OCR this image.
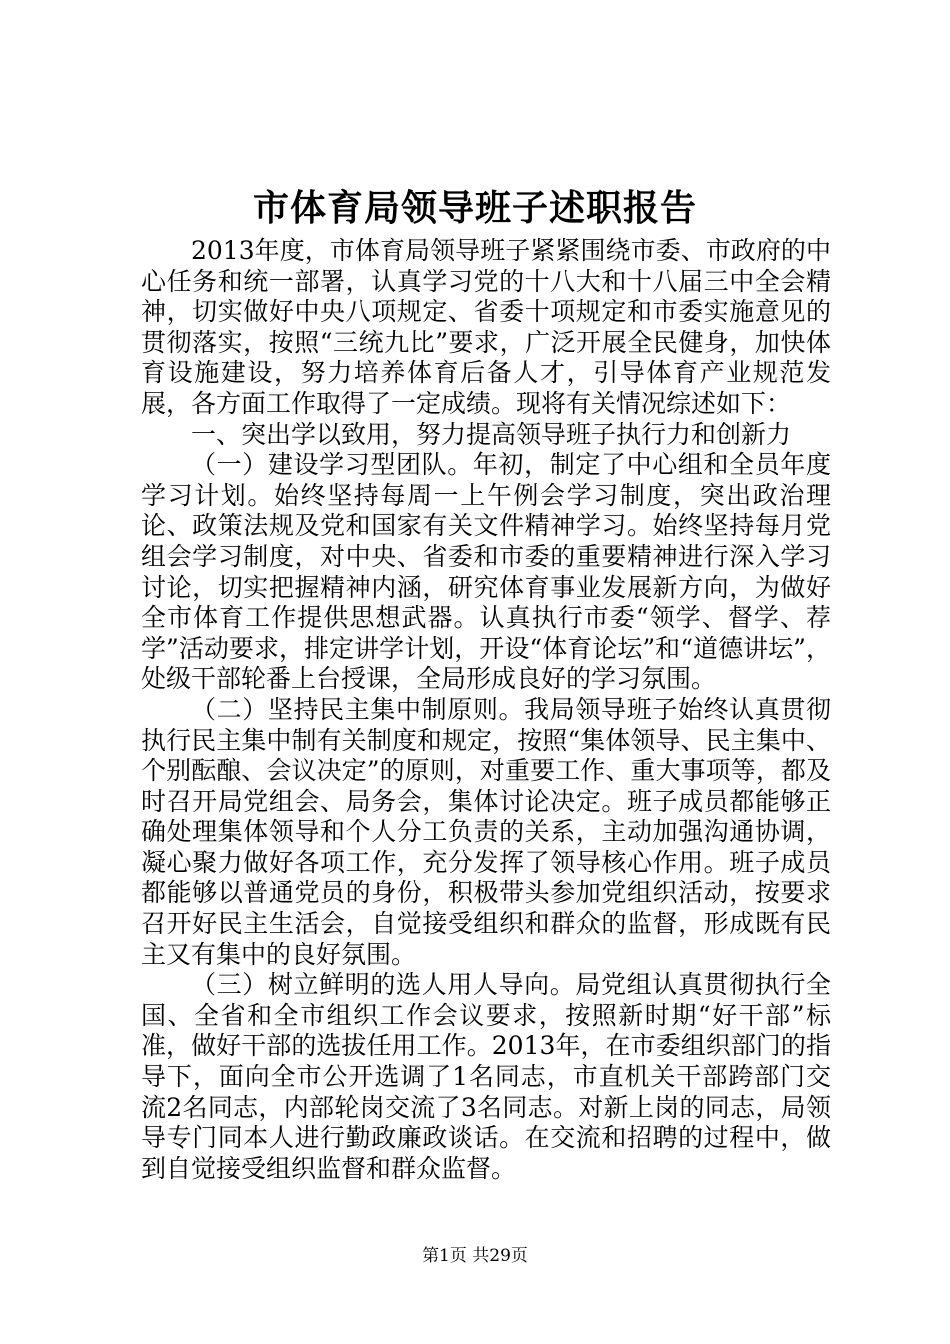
市体育局领导班子述职报告

2013年度，市体育局领导班子紧紧围绕市委、市政府的中心任务和统一部署，认真学习党的十八大和十八届三中全会精神，切实做好中央八项规定、省委十项规定和市委实施意见的贯彻落实，按照“三统九比”要求，广泛开展全民健身，加快体育设施建设，努力培养体育后备人才，引导体育产业规范发展，各方面工作取得了一定成绩。现将有关情况综述如下：

一、突出学以致用，努力提高领导班子执行力和创新力

（一）建设学习型团队。年初，制定了中心组和全员年度学习计划。始终坚持每周一上午例会学习制度，突出政治理论、政策法规及党和国家有关文件精神学习。始终坚持每月党组会学习制度，对中央、省委和市委的重要精神进行深入学习讨论，切实把握精神内涵，研究体育事业发展新方向，为做好全市体育工作提供思想武器。认真执行市委“领学、督学、荐学”活动要求，排定讲学计划，开设“体育论坛”和“道德讲坛”，处级干部轮番上台授课，全局形成良好的学习氛围。

（二）坚持民主集中制原则。我局领导班子始终认真贯彻执行民主集中制有关制度和规定，按照“集体领导、民主集中、个别酝酿、会议决定”的原则，对重要工作、重大事项等，都及时召开局党组会、局务会，集体讨论决定。班子成员都能够正确处理集体领导和个人分工负责的关系，主动加强沟通协调，凝心聚力做好各项工作，充分发挥了领导核心作用。班子成员都能够以普通党员的身份，积极带头参加党组织活动，按要求召开好民主生活会，自觉接受组织和群众的监督，形成既有民主又有集中的良好氛围。

（三）树立鲜明的选人用人导向。局党组认真贯彻执行全国、全省和全市组织工作会议要求，按照新时期“好干部”标准，做好干部的选拔任用工作。2013年，在市委组织部门的指导下，面向全市公开选调了1名同志，市直机关干部跨部门交流2名同志，内部轮岗交流了3名同志。对新上岗的同志，局领导专门同本人进行勤政廉政谈话。在交流和招聘的过程中，做到自觉接受组织监督和群众监督。

第1页 共29页
